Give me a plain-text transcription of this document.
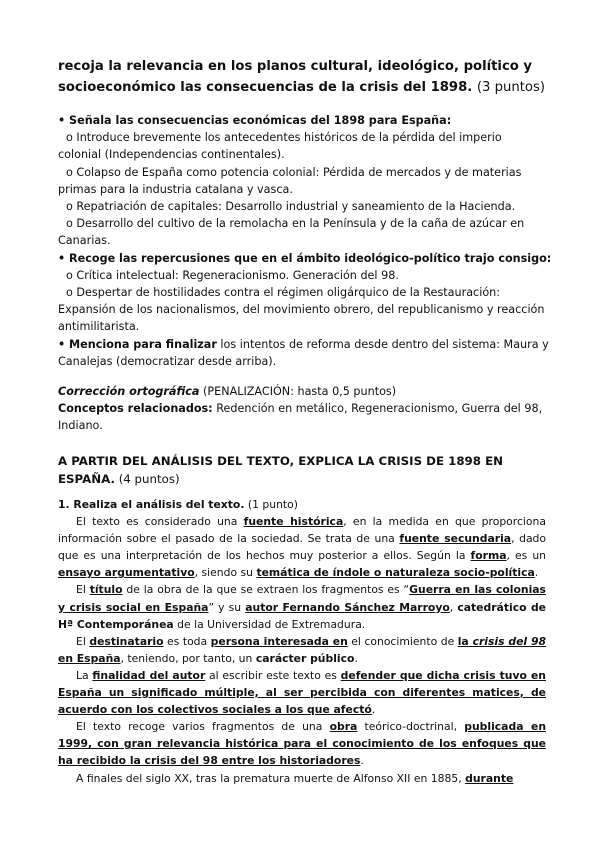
recoja la relevancia en los planos cultural, ideológico, político y
socioeconómico las consecuencias de la crisis del 1898. (3 puntos)
• Señala las consecuencias económicas del 1898 para España:
o Introduce brevemente los antecedentes históricos de la pérdida del imperio
colonial (Independencias continentales).
o Colapso de España como potencia colonial: Pérdida de mercados y de materias
primas para la industria catalana y vasca.
o Repatriación de capitales: Desarrollo industrial y saneamiento de la Hacienda.
o Desarrollo del cultivo de la remolacha en la Península y de la caña de azúcar en
Canarias.
• Recoge las repercusiones que en el ámbito ideológico-político trajo consigo:
o Crítica intelectual: Regeneracionismo. Generación del 98.
o Despertar de hostilidades contra el régimen oligárquico de la Restauración:
Expansión de los nacionalismos, del movimiento obrero, del republicanismo y reacción
antimilitarista.
• Menciona para finalizar los intentos de reforma desde dentro del sistema: Maura y
Canalejas (democratizar desde arriba).
Corrección ortográfica (PENALIZACIÓN: hasta 0,5 puntos)
Conceptos relacionados: Redención en metálico, Regeneracionismo, Guerra del 98,
Indiano.
A PARTIR DEL ANÁLISIS DEL TEXTO, EXPLICA LA CRISIS DE 1898 EN
ESPAÑA. (4 puntos)

1. Realiza el análisis del texto. (1 punto)

El texto es considerado una fuente histórica, en la medida en que proporciona información sobre el pasado de la sociedad. Se trata de una fuente secundaria, dado que es una interpretación de los hechos muy posterior a ellos. Según la forma, es un ensayo argumentativo, siendo su temática de índole o naturaleza socio-política.

El título de la obra de la que se extraen los fragmentos es “Guerra en las colonias y crisis social en España” y su autor Fernando Sánchez Marroyo, catedrático de Hª Contemporánea de la Universidad de Extremadura.

El destinatario es toda persona interesada en el conocimiento de la crisis del 98 en España, teniendo, por tanto, un carácter público.

La finalidad del autor al escribir este texto es defender que dicha crisis tuvo en España un significado múltiple, al ser percibida con diferentes matices, de acuerdo con los colectivos sociales a los que afectó.

El texto recoge varios fragmentos de una obra teórico-doctrinal, publicada en 1999, con gran relevancia histórica para el conocimiento de los enfoques que ha recibido la crisis del 98 entre los historiadores.

A finales del siglo XX, tras la prematura muerte de Alfonso XII en 1885, durante
